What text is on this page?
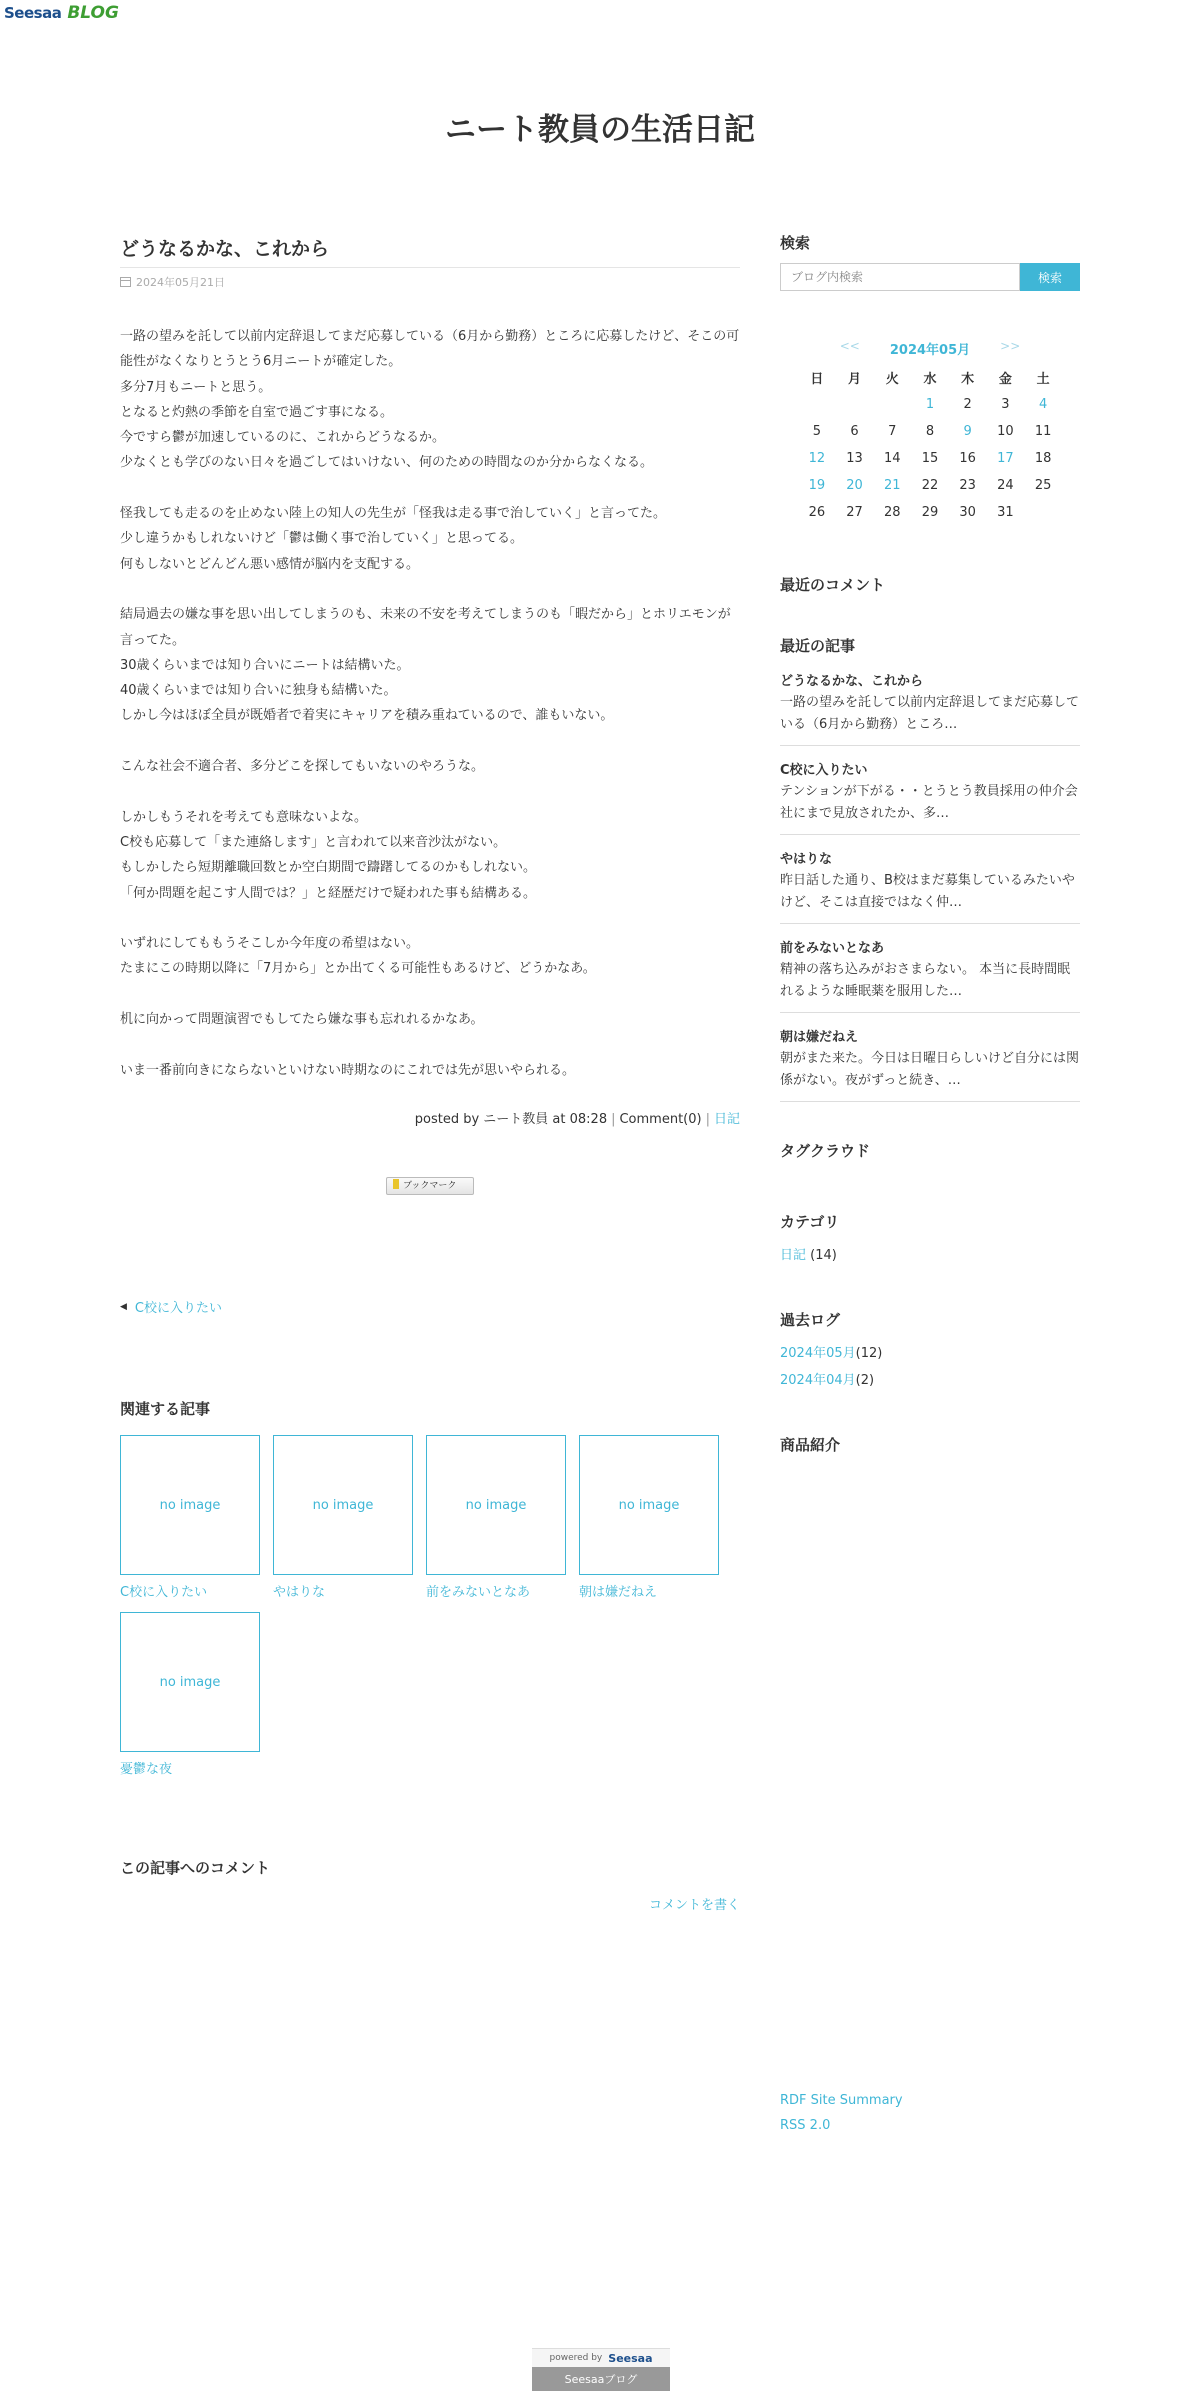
Seesaa BLOG
ニート教員の生活日記
どうなるかな、これから
2024年05月21日

一路の望みを託して以前内定辞退してまだ応募している（6月から勤務）ところに応募したけど、そこの可能性がなくなりとうとう6月ニートが確定した。
多分7月もニートと思う。
となると灼熱の季節を自室で過ごす事になる。
今ですら鬱が加速しているのに、これからどうなるか。
少なくとも学びのない日々を過ごしてはいけない、何のための時間なのか分からなくなる。

怪我しても走るのを止めない陸上の知人の先生が「怪我は走る事で治していく」と言ってた。
少し違うかもしれないけど「鬱は働く事で治していく」と思ってる。
何もしないとどんどん悪い感情が脳内を支配する。

結局過去の嫌な事を思い出してしまうのも、未来の不安を考えてしまうのも「暇だから」とホリエモンが言ってた。
30歳くらいまでは知り合いにニートは結構いた。
40歳くらいまでは知り合いに独身も結構いた。
しかし今はほぼ全員が既婚者で着実にキャリアを積み重ねているので、誰もいない。

こんな社会不適合者、多分どこを探してもいないのやろうな。

しかしもうそれを考えても意味ないよな。
C校も応募して「また連絡します」と言われて以来音沙汰がない。
もしかしたら短期離職回数とか空白期間で躊躇してるのかもしれない。
「何か問題を起こす人間では？」と経歴だけで疑われた事も結構ある。

いずれにしてももうそこしか今年度の希望はない。
たまにこの時期以降に「7月から」とか出てくる可能性もあるけど、どうかなあ。

机に向かって問題演習でもしてたら嫌な事も忘れれるかなあ。

いま一番前向きにならないといけない時期なのにこれでは先が思いやられる。

posted by ニート教員 at 08:28 | Comment(0) | 日記
ブックマーク
◀ C校に入りたい
関連する記事
no image
C校に入りたい
no image
やはりな
no image
前をみないとなあ
no image
朝は嫌だねえ
no image
憂鬱な夜
この記事へのコメント
コメントを書く
検索
ブログ内検索
検索
<< 2024年05月	>>
日	月	火	水	木	金	土
			1	2	3	4
5	6	7	8	9	10	11
12	13	14	15	16	17	18
19	20	21	22	23	24	25
26	27	28	29	30	31	
最近のコメント
最近の記事
どうなるかな、これから
一路の望みを託して以前内定辞退してまだ応募している（6月から勤務）ところ…
C校に入りたい
テンションが下がる・・とうとう教員採用の仲介会社にまで見放されたか、多…
やはりな
昨日話した通り、B校はまだ募集しているみたいやけど、そこは直接ではなく仲…
前をみないとなあ
精神の落ち込みがおさまらない。 本当に長時間眠れるような睡眠薬を服用した…
朝は嫌だねえ
朝がまた来た。今日は日曜日らしいけど自分には関係がない。夜がずっと続き、…
タグクラウド
カテゴリ
日記 (14)
過去ログ
2024年05月(12)
2024年04月(2)
商品紹介
RDF Site Summary
RSS 2.0
powered by Seesaa
Seesaaブログ
